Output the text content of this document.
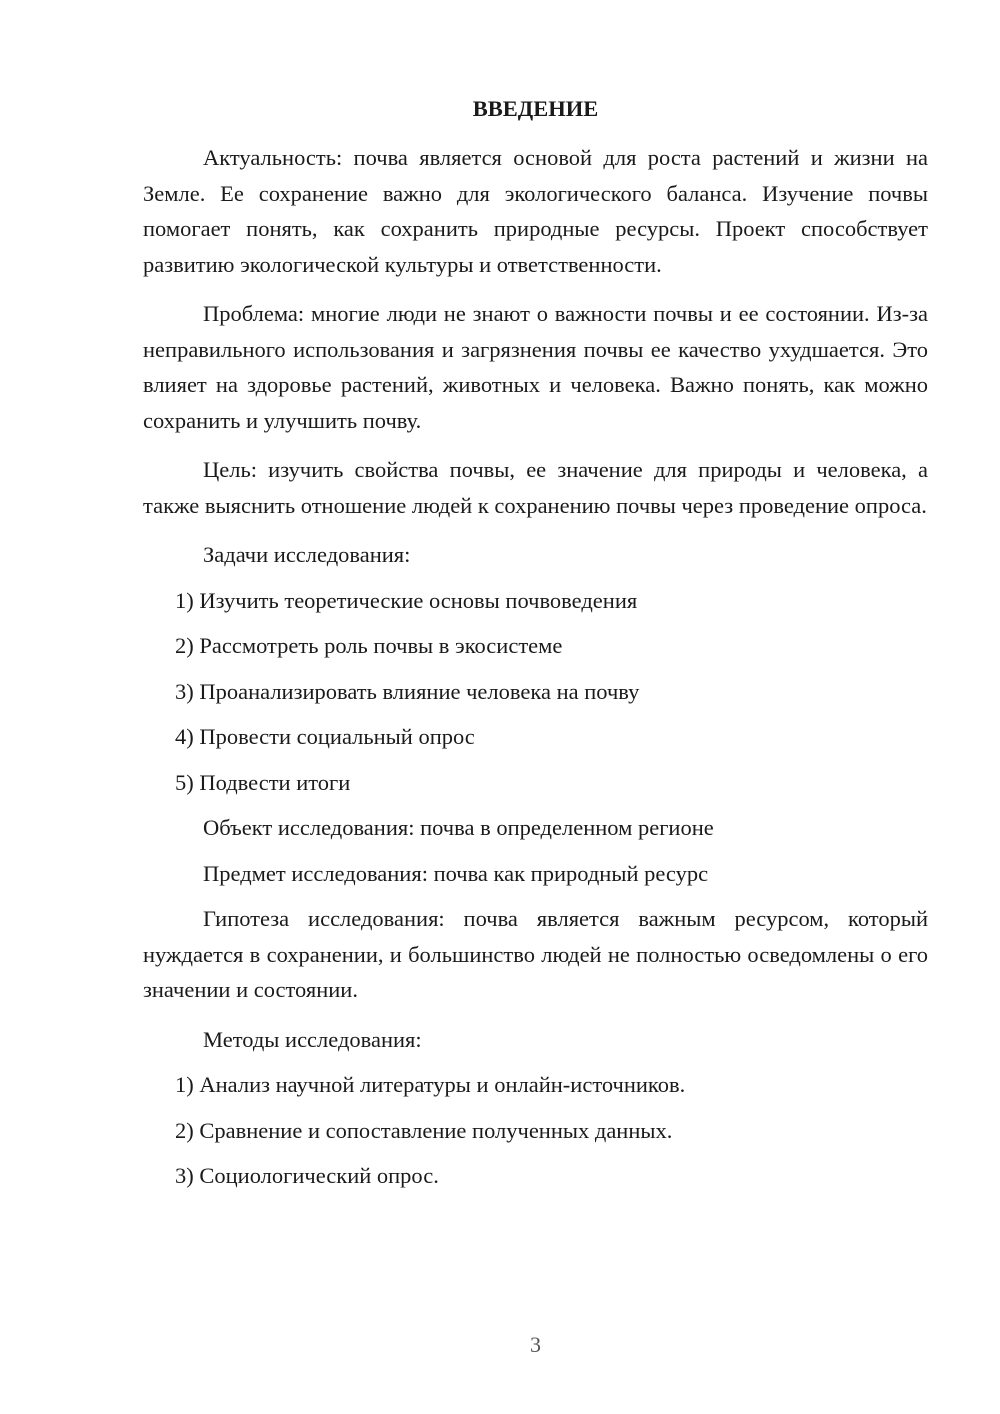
ВВЕДЕНИЕ

Актуальность: почва является основой для роста растений и жизни на Земле. Ее сохранение важно для экологического баланса. Изучение почвы помогает понять, как сохранить природные ресурсы. Проект способствует развитию экологической культуры и ответственности.

Проблема: многие люди не знают о важности почвы и ее состоянии. Из-за неправильного использования и загрязнения почвы ее качество ухудшается. Это влияет на здоровье растений, животных и человека. Важно понять, как можно сохранить и улучшить почву.

Цель: изучить свойства почвы, ее значение для природы и человека, а также выяснить отношение людей к сохранению почвы через проведение опроса.

Задачи исследования:

1) Изучить теоретические основы почвоведения
2) Рассмотреть роль почвы в экосистеме
3) Проанализировать влияние человека на почву
4) Провести социальный опрос
5) Подвести итоги

Объект исследования: почва в определенном регионе

Предмет исследования: почва как природный ресурс

Гипотеза исследования: почва является важным ресурсом, который нуждается в сохранении, и большинство людей не полностью осведомлены о его значении и состоянии.

Методы исследования:

1) Анализ научной литературы и онлайн-источников.
2) Сравнение и сопоставление полученных данных.
3) Социологический опрос.
3
